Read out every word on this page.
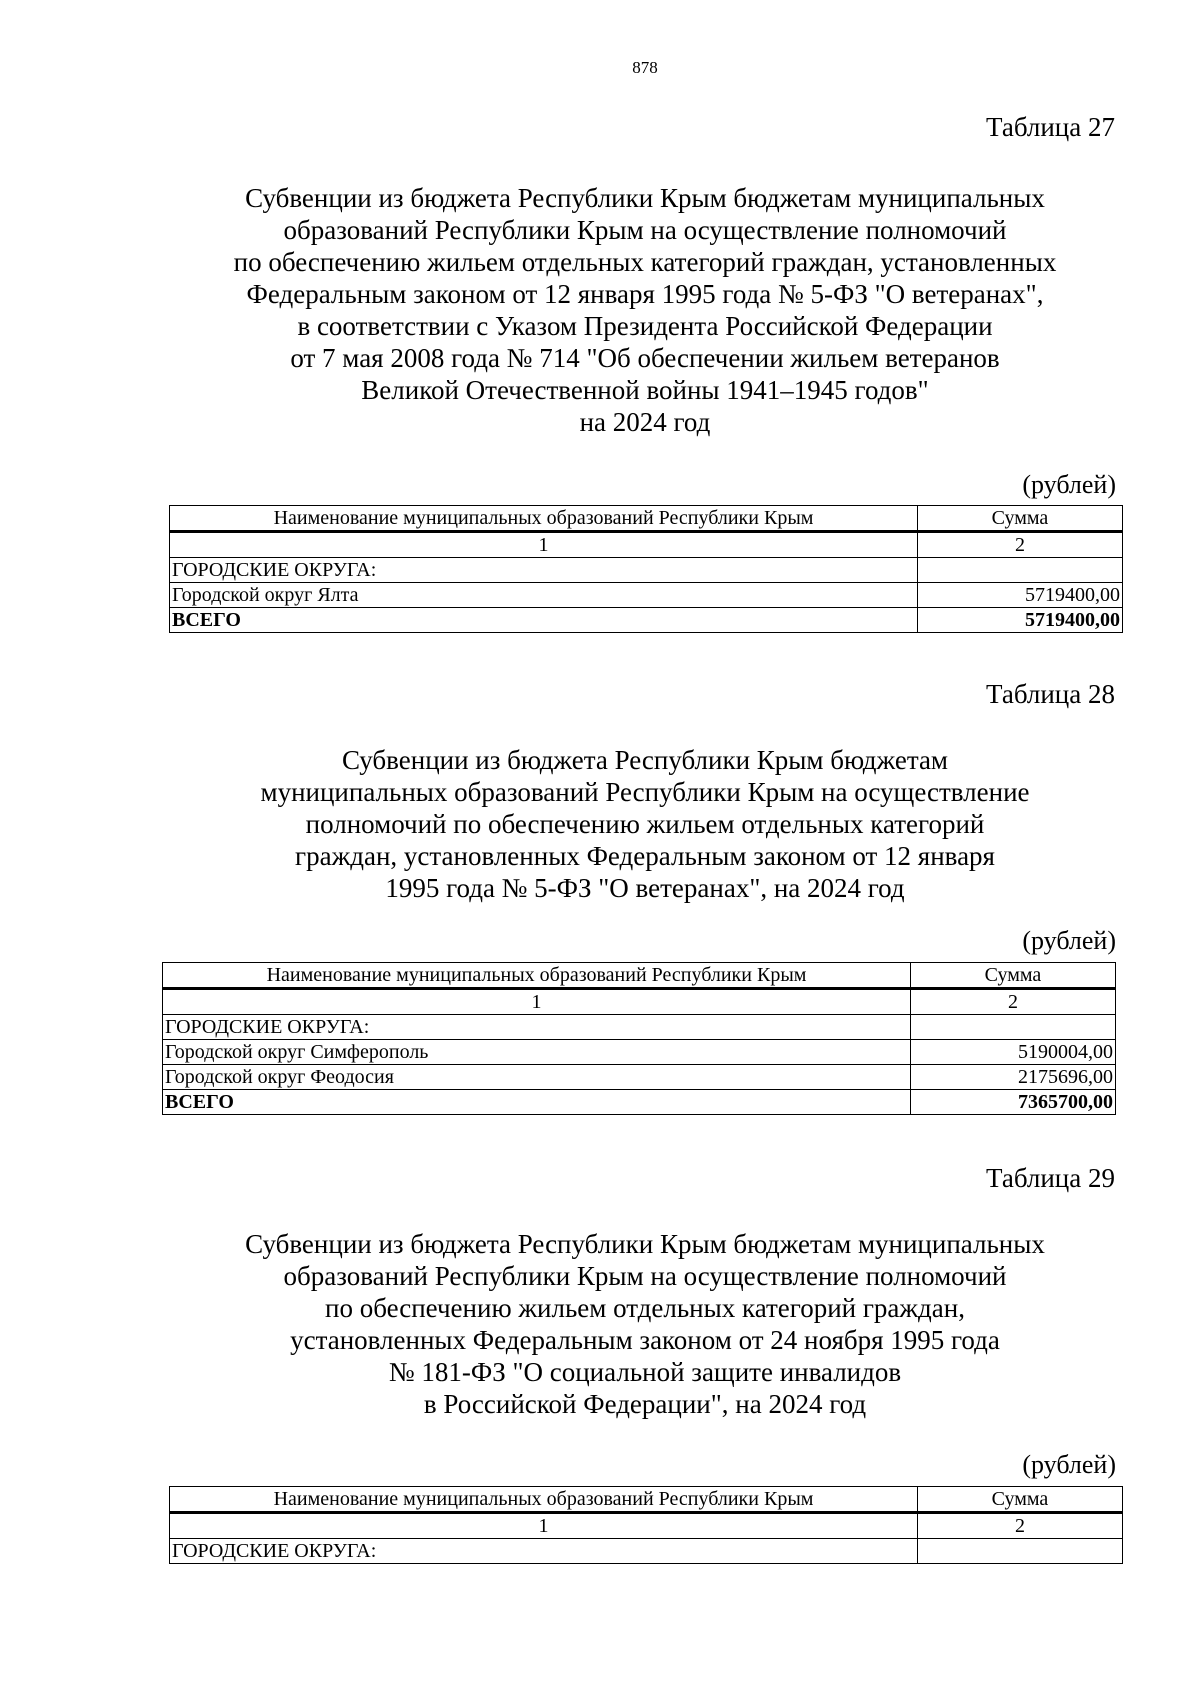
878
Таблица 27
Субвенции из бюджета Республики Крым бюджетам муниципальных
образований Республики Крым на осуществление полномочий
по обеспечению жильем отдельных категорий граждан, установленных
Федеральным законом от 12 января 1995 года № 5-ФЗ "О ветеранах",
в соответствии с Указом Президента Российской Федерации
от 7 мая 2008 года № 714 "Об обеспечении жильем ветеранов
Великой Отечественной войны 1941–1945 годов"
на 2024 год
(рублей)
Наименование муниципальных образований Республики Крым	Сумма
1	2
ГОРОДСКИЕ ОКРУГА:	
Городской округ Ялта	5719400,00
ВСЕГО	5719400,00
Таблица 28
Субвенции из бюджета Республики Крым бюджетам
муниципальных образований Республики Крым на осуществление
полномочий по обеспечению жильем отдельных категорий
граждан, установленных Федеральным законом от 12 января
1995 года № 5-ФЗ "О ветеранах", на 2024 год
(рублей)
Наименование муниципальных образований Республики Крым	Сумма
1	2
ГОРОДСКИЕ ОКРУГА:	
Городской округ Симферополь	5190004,00
Городской округ Феодосия	2175696,00
ВСЕГО	7365700,00
Таблица 29
Субвенции из бюджета Республики Крым бюджетам муниципальных
образований Республики Крым на осуществление полномочий
по обеспечению жильем отдельных категорий граждан,
установленных Федеральным законом от 24 ноября 1995 года
№ 181-ФЗ "О социальной защите инвалидов
в Российской Федерации", на 2024 год
(рублей)
Наименование муниципальных образований Республики Крым	Сумма
1	2
ГОРОДСКИЕ ОКРУГА:	
